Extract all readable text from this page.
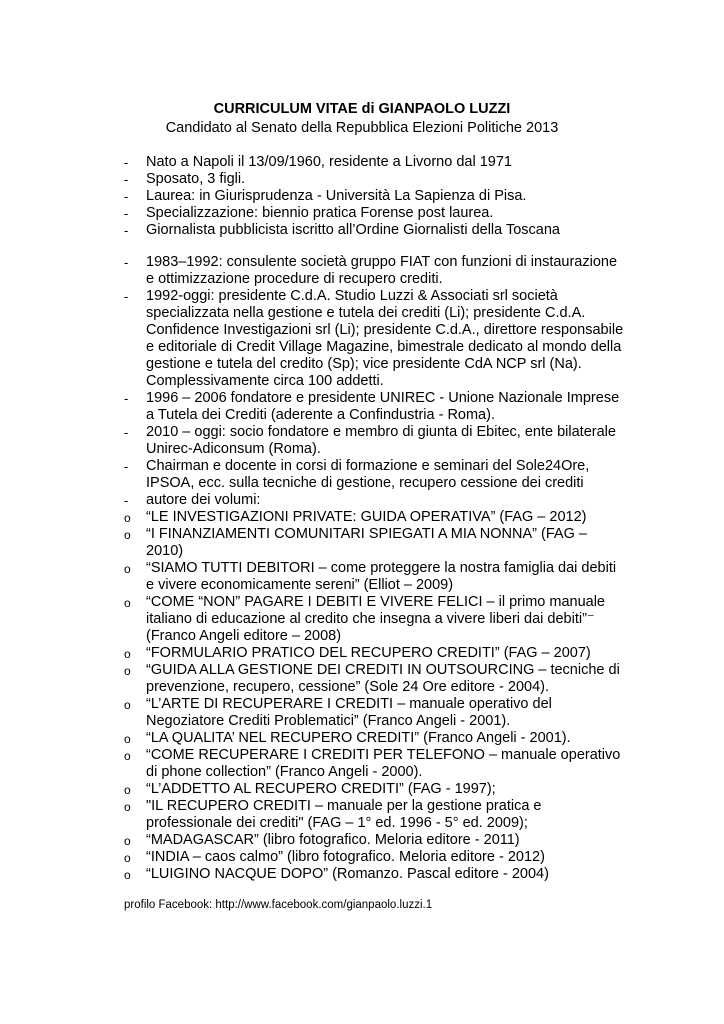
CURRICULUM VITAE di GIANPAOLO LUZZI
Candidato al Senato della Repubblica Elezioni Politiche 2013
-	Nato a Napoli il 13/09/1960, residente a Livorno dal 1971
-	Sposato, 3 figli.
-	Laurea: in Giurisprudenza - Università La Sapienza di Pisa.
-	Specializzazione: biennio pratica Forense post laurea.
-	Giornalista pubblicista iscritto all’Ordine Giornalisti della Toscana
-	1983–1992: consulente società gruppo FIAT con funzioni di instaurazione e ottimizzazione procedure di recupero crediti.
-	1992-oggi: presidente C.d.A. Studio Luzzi & Associati srl società specializzata nella gestione e tutela dei crediti (Li); presidente C.d.A. Confidence Investigazioni srl (Li); presidente C.d.A., direttore responsabile e editoriale di Credit Village Magazine, bimestrale dedicato al mondo della gestione e tutela del credito (Sp); vice presidente CdA NCP srl (Na). Complessivamente circa 100 addetti.
-	1996 – 2006 fondatore e presidente UNIREC - Unione Nazionale Imprese a Tutela dei Crediti (aderente a Confindustria - Roma).
-	2010 – oggi: socio fondatore e membro di giunta di Ebitec, ente bilaterale Unirec-Adiconsum (Roma).
-	Chairman e docente in corsi di formazione e seminari del Sole24Ore, IPSOA, ecc. sulla tecniche di gestione, recupero cessione dei crediti
-	autore dei volumi:
o	“LE INVESTIGAZIONI PRIVATE: GUIDA OPERATIVA” (FAG – 2012)
o	“I FINANZIAMENTI COMUNITARI SPIEGATI A MIA NONNA” (FAG – 2010)
o	“SIAMO TUTTI DEBITORI – come proteggere la nostra famiglia dai debiti e vivere economicamente sereni” (Elliot – 2009)
o	“COME “NON” PAGARE I DEBITI E VIVERE FELICI – il primo manuale italiano di educazione al credito che insegna a vivere liberi dai debiti”⁻ (Franco Angeli editore – 2008)
o	“FORMULARIO PRATICO DEL RECUPERO CREDITI” (FAG – 2007)
o	“GUIDA ALLA GESTIONE DEI CREDITI IN OUTSOURCING – tecniche di prevenzione, recupero, cessione” (Sole 24 Ore editore - 2004).
o	“L’ARTE DI RECUPERARE I CREDITI – manuale operativo del Negoziatore Crediti Problematici” (Franco Angeli - 2001).
o	“LA QUALITA’ NEL RECUPERO CREDITI” (Franco Angeli - 2001).
o	“COME RECUPERARE I CREDITI PER TELEFONO – manuale operativo di phone collection” (Franco Angeli - 2000).
o	“L’ADDETTO AL RECUPERO CREDITI” (FAG - 1997);
o	"IL RECUPERO CREDITI – manuale per la gestione pratica e professionale dei crediti" (FAG – 1° ed. 1996 - 5° ed. 2009);
o	“MADAGASCAR” (libro fotografico. Meloria editore - 2011)
o	“INDIA – caos calmo” (libro fotografico. Meloria editore - 2012)
o	“LUIGINO NACQUE DOPO” (Romanzo. Pascal editore - 2004)
profilo Facebook: http://www.facebook.com/gianpaolo.luzzi.1
